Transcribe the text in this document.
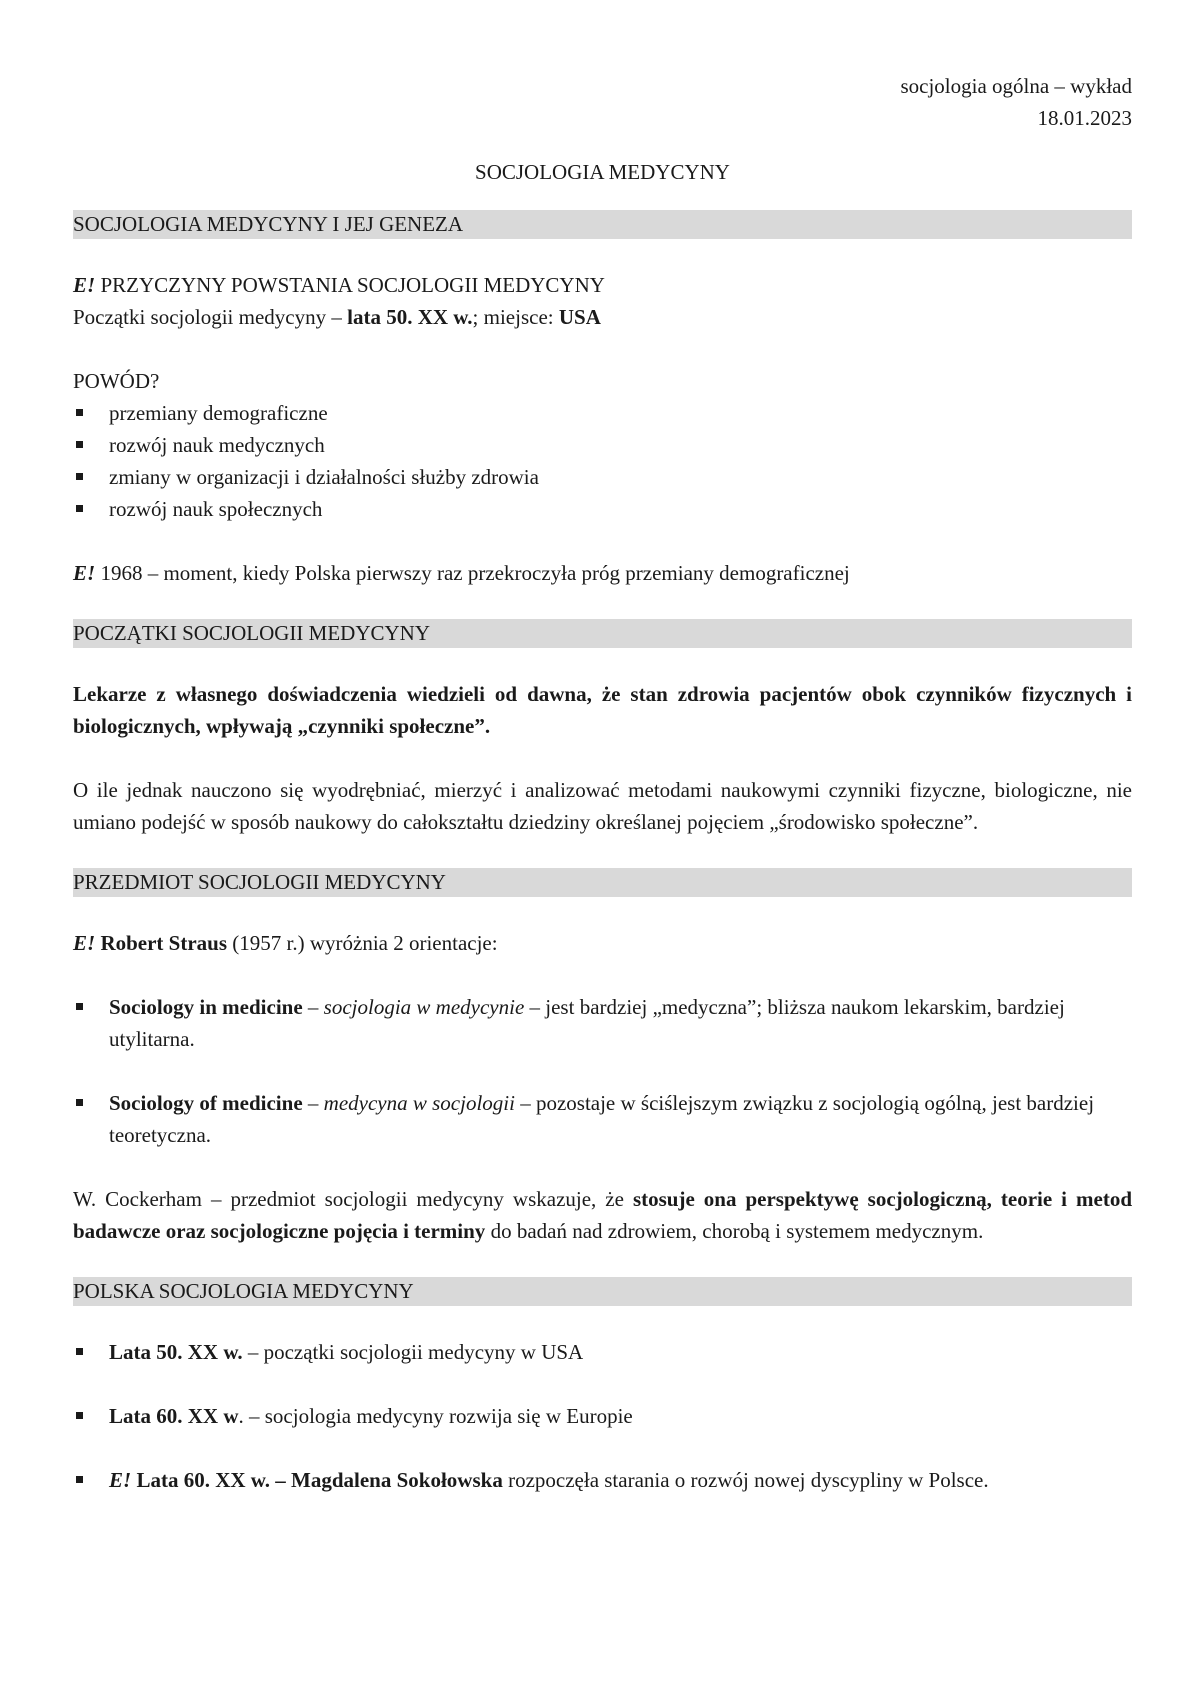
socjologia ogólna – wykład
18.01.2023
SOCJOLOGIA MEDYCYNY
SOCJOLOGIA MEDYCYNY I JEJ GENEZA

E! PRZYCZYNY POWSTANIA SOCJOLOGII MEDYCYNY

Początki socjologii medycyny – lata 50. XX w.; miejsce: USA

POWÓD?

przemiany demograficzne
rozwój nauk medycznych
zmiany w organizacji i działalności służby zdrowia
rozwój nauk społecznych

E! 1968 – moment, kiedy Polska pierwszy raz przekroczyła próg przemiany demograficznej

POCZĄTKI SOCJOLOGII MEDYCYNY

Lekarze z własnego doświadczenia wiedzieli od dawna, że stan zdrowia pacjentów obok czynników fizycznych i biologicznych, wpływają „czynniki społeczne”.

O ile jednak nauczono się wyodrębniać, mierzyć i analizować metodami naukowymi czynniki fizyczne, biologiczne, nie umiano podejść w sposób naukowy do całokształtu dziedziny określanej pojęciem „środowisko społeczne”.

PRZEDMIOT SOCJOLOGII MEDYCYNY

E! Robert Straus (1957 r.) wyróżnia 2 orientacje:

Sociology in medicine – socjologia w medycynie – jest bardziej „medyczna”; bliższa naukom lekarskim, bardziej utylitarna.
Sociology of medicine – medycyna w socjologii – pozostaje w ściślejszym związku z socjologią ogólną, jest bardziej teoretyczna.

W. Cockerham – przedmiot socjologii medycyny wskazuje, że stosuje ona perspektywę socjologiczną, teorie i metod badawcze oraz socjologiczne pojęcia i terminy do badań nad zdrowiem, chorobą i systemem medycznym.

POLSKA SOCJOLOGIA MEDYCYNY
Lata 50. XX w. – początki socjologii medycyny w USA
Lata 60. XX w. – socjologia medycyny rozwija się w Europie
E! Lata 60. XX w. – Magdalena Sokołowska rozpoczęła starania o rozwój nowej dyscypliny w Polsce.
